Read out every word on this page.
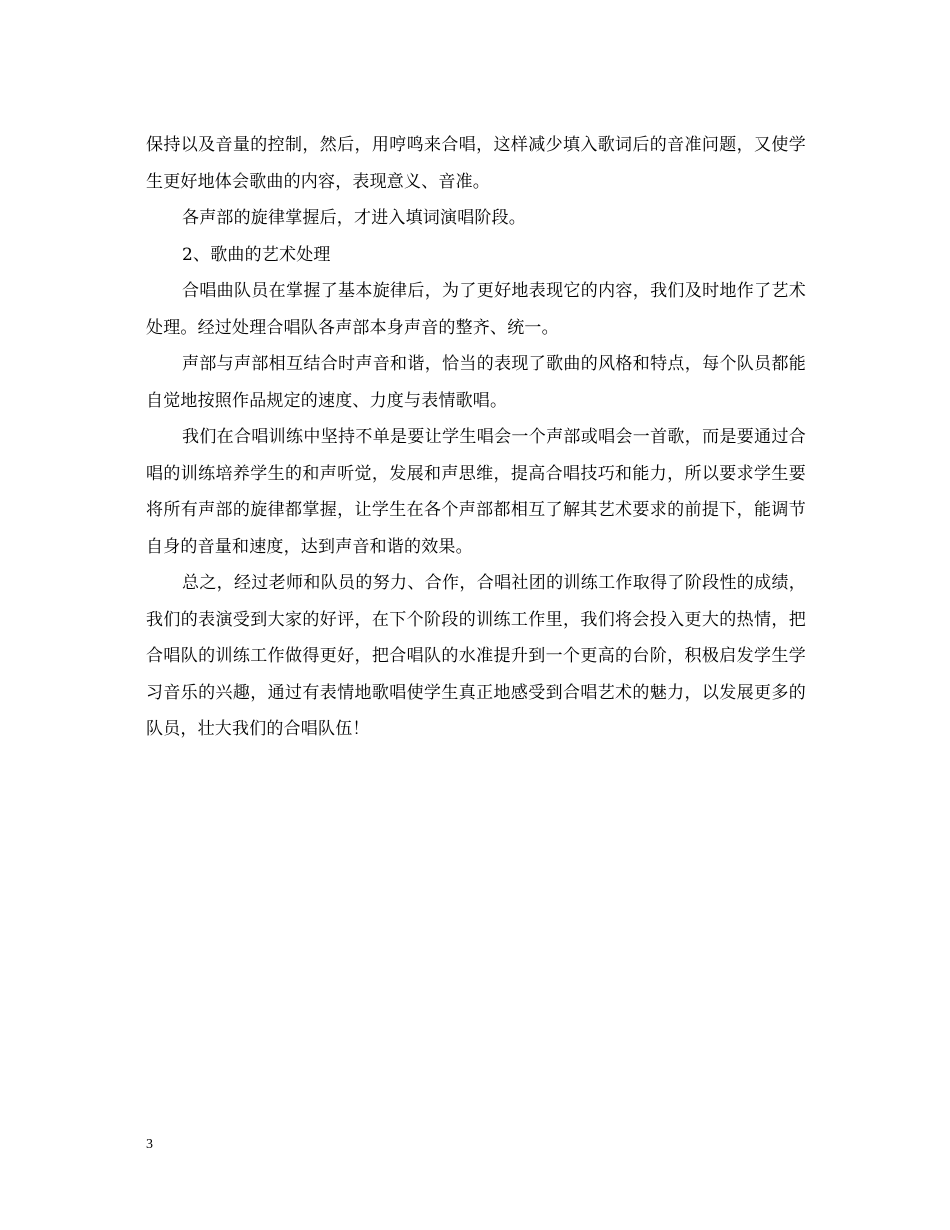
保持以及音量的控制，然后，用哼鸣来合唱，这样减少填入歌词后的音准问题，又使学生更好地体会歌曲的内容，表现意义、音准。

各声部的旋律掌握后，才进入填词演唱阶段。

2、歌曲的艺术处理

合唱曲队员在掌握了基本旋律后，为了更好地表现它的内容，我们及时地作了艺术处理。经过处理合唱队各声部本身声音的整齐、统一。

声部与声部相互结合时声音和谐，恰当的表现了歌曲的风格和特点，每个队员都能自觉地按照作品规定的速度、力度与表情歌唱。

我们在合唱训练中坚持不单是要让学生唱会一个声部或唱会一首歌，而是要通过合唱的训练培养学生的和声听觉，发展和声思维，提高合唱技巧和能力，所以要求学生要将所有声部的旋律都掌握，让学生在各个声部都相互了解其艺术要求的前提下，能调节自身的音量和速度，达到声音和谐的效果。

总之，经过老师和队员的努力、合作，合唱社团的训练工作取得了阶段性的成绩，我们的表演受到大家的好评，在下个阶段的训练工作里，我们将会投入更大的热情，把合唱队的训练工作做得更好，把合唱队的水准提升到一个更高的台阶，积极启发学生学习音乐的兴趣，通过有表情地歌唱使学生真正地感受到合唱艺术的魅力，以发展更多的队员，壮大我们的合唱队伍！

3
